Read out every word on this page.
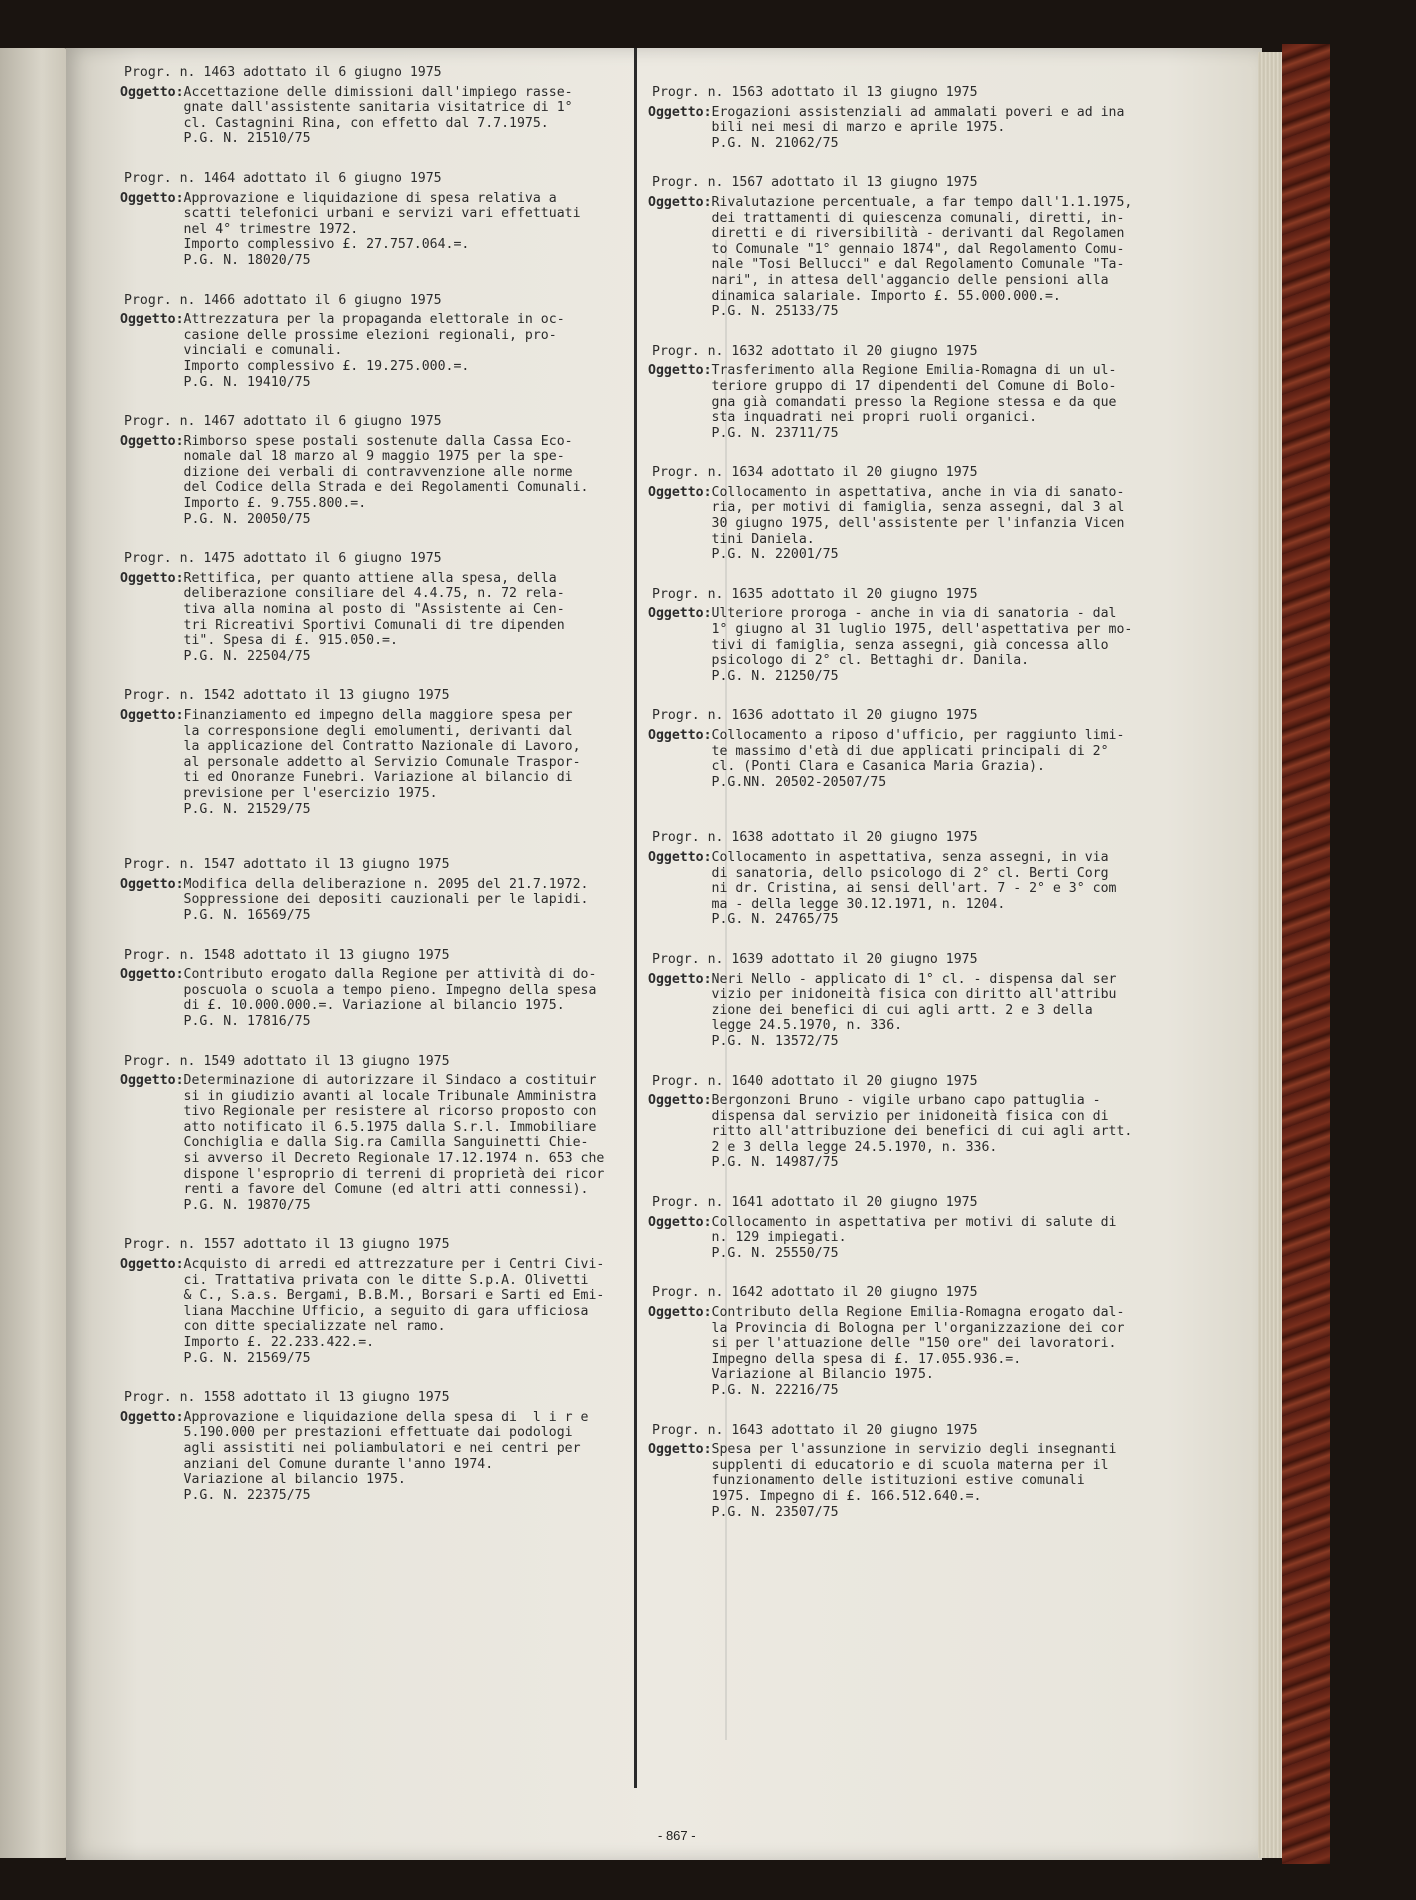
Progr. n. 1463 adottato il 6 giugno 1975
Oggetto: Accettazione delle dimissioni dall'impiego rasse-
gnate dall'assistente sanitaria visitatrice di 1°
cl. Castagnini Rina, con effetto dal 7.7.1975.
P.G. N. 21510/75
Progr. n. 1464 adottato il 6 giugno 1975
Oggetto: Approvazione e liquidazione di spesa relativa a
scatti telefonici urbani e servizi vari effettuati
nel 4° trimestre 1972.
Importo complessivo £. 27.757.064.=.
P.G. N. 18020/75
Progr. n. 1466 adottato il 6 giugno 1975
Oggetto: Attrezzatura per la propaganda elettorale in oc-
casione delle prossime elezioni regionali, pro-
vinciali e comunali.
Importo complessivo £. 19.275.000.=.
P.G. N. 19410/75
Progr. n. 1467 adottato il 6 giugno 1975
Oggetto: Rimborso spese postali sostenute dalla Cassa Eco-
nomale dal 18 marzo al 9 maggio 1975 per la spe-
dizione dei verbali di contravvenzione alle norme
del Codice della Strada e dei Regolamenti Comunali.
Importo £. 9.755.800.=.
P.G. N. 20050/75
Progr. n. 1475 adottato il 6 giugno 1975
Oggetto: Rettifica, per quanto attiene alla spesa, della
deliberazione consiliare del 4.4.75, n. 72 rela-
tiva alla nomina al posto di "Assistente ai Cen-
tri Ricreativi Sportivi Comunali di tre dipenden
ti". Spesa di £. 915.050.=.
P.G. N. 22504/75
Progr. n. 1542 adottato il 13 giugno 1975
Oggetto: Finanziamento ed impegno della maggiore spesa per
la corresponsione degli emolumenti, derivanti dal
la applicazione del Contratto Nazionale di Lavoro,
al personale addetto al Servizio Comunale Traspor-
ti ed Onoranze Funebri. Variazione al bilancio di
previsione per l'esercizio 1975.
P.G. N. 21529/75
Progr. n. 1547 adottato il 13 giugno 1975
Oggetto: Modifica della deliberazione n. 2095 del 21.7.1972.
Soppressione dei depositi cauzionali per le lapidi.
P.G. N. 16569/75
Progr. n. 1548 adottato il 13 giugno 1975
Oggetto: Contributo erogato dalla Regione per attività di do-
poscuola o scuola a tempo pieno. Impegno della spesa
di £. 10.000.000.=. Variazione al bilancio 1975.
P.G. N. 17816/75
Progr. n. 1549 adottato il 13 giugno 1975
Oggetto: Determinazione di autorizzare il Sindaco a costituir
si in giudizio avanti al locale Tribunale Amministra
tivo Regionale per resistere al ricorso proposto con
atto notificato il 6.5.1975 dalla S.r.l. Immobiliare
Conchiglia e dalla Sig.ra Camilla Sanguinetti Chie-
si avverso il Decreto Regionale 17.12.1974 n. 653 che
dispone l'esproprio di terreni di proprietà dei ricor
renti a favore del Comune (ed altri atti connessi).
P.G. N. 19870/75
Progr. n. 1557 adottato il 13 giugno 1975
Oggetto: Acquisto di arredi ed attrezzature per i Centri Civi-
ci. Trattativa privata con le ditte S.p.A. Olivetti
& C., S.a.s. Bergami, B.B.M., Borsari e Sarti ed Emi-
liana Macchine Ufficio, a seguito di gara ufficiosa
con ditte specializzate nel ramo.
Importo £. 22.233.422.=.
P.G. N. 21569/75
Progr. n. 1558 adottato il 13 giugno 1975
Oggetto: Approvazione e liquidazione della spesa di  l i r e
5.190.000 per prestazioni effettuate dai podologi
agli assistiti nei poliambulatori e nei centri per
anziani del Comune durante l'anno 1974.
Variazione al bilancio 1975.
P.G. N. 22375/75
Progr. n. 1563 adottato il 13 giugno 1975
Oggetto: Erogazioni assistenziali ad ammalati poveri e ad ina
bili nei mesi di marzo e aprile 1975.
P.G. N. 21062/75
Progr. n. 1567 adottato il 13 giugno 1975
Oggetto: Rivalutazione percentuale, a far tempo dall'1.1.1975,
dei trattamenti di quiescenza comunali, diretti, in-
diretti e di riversibilità - derivanti dal Regolamen
to Comunale "1° gennaio 1874", dal Regolamento Comu-
nale "Tosi Bellucci" e dal Regolamento Comunale "Ta-
nari", in attesa dell'aggancio delle pensioni alla
dinamica salariale. Importo £. 55.000.000.=.
P.G. N. 25133/75
Progr. n. 1632 adottato il 20 giugno 1975
Oggetto: Trasferimento alla Regione Emilia-Romagna di un ul-
teriore gruppo di 17 dipendenti del Comune di Bolo-
gna già comandati presso la Regione stessa e da que
sta inquadrati nei propri ruoli organici.
P.G. N. 23711/75
Progr. n. 1634 adottato il 20 giugno 1975
Oggetto: Collocamento in aspettativa, anche in via di sanato-
ria, per motivi di famiglia, senza assegni, dal 3 al
30 giugno 1975, dell'assistente per l'infanzia Vicen
tini Daniela.
P.G. N. 22001/75
Progr. n. 1635 adottato il 20 giugno 1975
Oggetto: Ulteriore proroga - anche in via di sanatoria - dal
1° giugno al 31 luglio 1975, dell'aspettativa per mo-
tivi di famiglia, senza assegni, già concessa allo
psicologo di 2° cl. Bettaghi dr. Danila.
P.G. N. 21250/75
Progr. n. 1636 adottato il 20 giugno 1975
Oggetto: Collocamento a riposo d'ufficio, per raggiunto limi-
te massimo d'età di due applicati principali di 2°
cl. (Ponti Clara e Casanica Maria Grazia).
P.G.NN. 20502-20507/75
Progr. n. 1638 adottato il 20 giugno 1975
Oggetto: Collocamento in aspettativa, senza assegni, in via
di sanatoria, dello psicologo di 2° cl. Berti Corg
ni dr. Cristina, ai sensi dell'art. 7 - 2° e 3° com
ma - della legge 30.12.1971, n. 1204.
P.G. N. 24765/75
Progr. n. 1639 adottato il 20 giugno 1975
Oggetto: Neri Nello - applicato di 1° cl. - dispensa dal ser
vizio per inidoneità fisica con diritto all'attribu
zione dei benefici di cui agli artt. 2 e 3 della
legge 24.5.1970, n. 336.
P.G. N. 13572/75
Progr. n. 1640 adottato il 20 giugno 1975
Oggetto: Bergonzoni Bruno - vigile urbano capo pattuglia -
dispensa dal servizio per inidoneità fisica con di
ritto all'attribuzione dei benefici di cui agli artt.
2 e 3 della legge 24.5.1970, n. 336.
P.G. N. 14987/75
Progr. n. 1641 adottato il 20 giugno 1975
Oggetto: Collocamento in aspettativa per motivi di salute di
n. 129 impiegati.
P.G. N. 25550/75
Progr. n. 1642 adottato il 20 giugno 1975
Oggetto: Contributo della Regione Emilia-Romagna erogato dal-
la Provincia di Bologna per l'organizzazione dei cor
si per l'attuazione delle "150 ore" dei lavoratori.
Impegno della spesa di £. 17.055.936.=.
Variazione al Bilancio 1975.
P.G. N. 22216/75
Progr. n. 1643 adottato il 20 giugno 1975
Oggetto: Spesa per l'assunzione in servizio degli insegnanti
supplenti di educatorio e di scuola materna per il
funzionamento delle istituzioni estive comunali
1975. Impegno di £. 166.512.640.=.
P.G. N. 23507/75
- 867 -
